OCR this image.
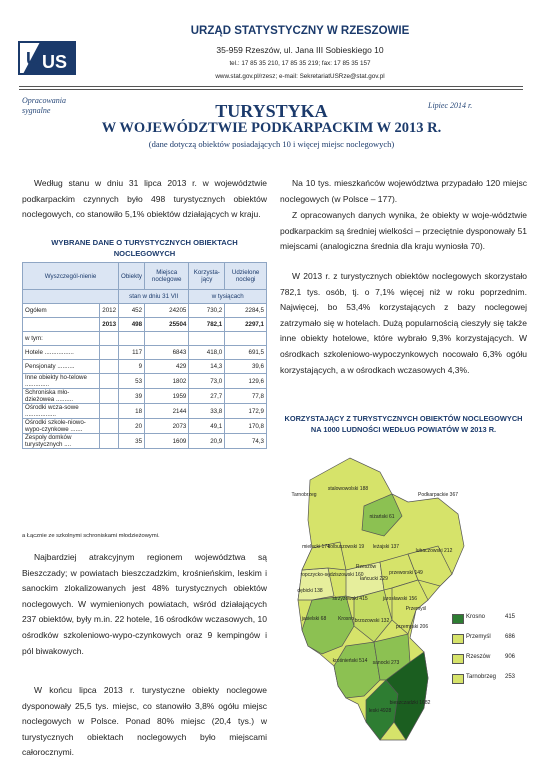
U US
URZĄD STATYSTYCZNY W RZESZOWIE
35-959 Rzeszów, ul. Jana III Sobieskiego 10
tel.: 17 85 35 210, 17 85 35 219; fax: 17 85 35 157
www.stat.gov.pl/rzesz; e-mail: SekretariatUSRze@stat.gov.pl
Opracowania sygnalne
Lipiec 2014 r.
TURYSTYKA
W WOJEWÓDZTWIE PODKARPACKIM W 2013 R.
(dane dotyczą obiektów posiadających 10 i więcej miejsc noclegowych)
Według stanu w dniu 31 lipca 2013 r. w województwie podkarpackim czynnych było 498 turystycznych obiektów noclegowych, co stanowiło 5,1% obiektów działających w kraju.
WYBRANE DANE O TURYSTYCZNYCH OBIEKTACH NOCLEGOWYCH
Wyszczegól-nienie		Obiekty	Miejsca noclegowe	Korzysta-jący	Udzielone noclegi

		stan w dniu 31 VII		w tysiącach	
Ogółem	2012	452	24205	730,2	2284,5
	2013	498	25504	782,1	2297,1
w tym:					
Hotele .................		117	6843	418,0	691,5
Pensjonaty ..........		9	429	14,3	39,6
Inne obiekty ho-telowe ..............		53	1802	73,0	129,6
Schroniska mło-dzieżowea ..........		39	1959	27,7	77,8
Ośrodki wcza-sowe ..................		18	2144	33,8	172,9
Ośrodki szkole-niowo-wypo-czynkowe .......		20	2073	49,1	170,8
Zespoły domków turystycznych ....		35	1609	20,9	74,3
a Łącznie ze szkolnymi schroniskami młodzieżowymi.
Najbardziej atrakcyjnym regionem województwa są Bieszczady; w powiatach bieszczadzkim, krośnieńskim, leskim i sanockim zlokalizowanych jest 48% turystycznych obiektów noclegowych. W wymienionych powiatach, wśród działających 237 obiektów, były m.in. 22 hotele, 16 ośrodków wczasowych, 10 ośrodków szkoleniowo-wypo-czynkowych oraz 9 kempingów i pól biwakowych.
W końcu lipca 2013 r. turystyczne obiekty noclegowe dysponowały 25,5 tys. miejsc, co stanowiło 3,8% ogółu miejsc noclegowych w Polsce. Ponad 80% miejsc (20,4 tys.) w turystycznych obiektach noclegowych było miejscami całorocznymi.
Na 10 tys. mieszkańców województwa przypadało 120 miejsc noclegowych (w Polsce – 177).
Z opracowanych danych wynika, że obiekty w woje-wództwie podkarpackim są średniej wielkości – przeciętnie dysponowały 51 miejscami (analogiczna średnia dla kraju wyniosła 70).
W 2013 r. z turystycznych obiektów noclegowych skorzystało 782,1 tys. osób, tj. o 7,1% więcej niż w roku poprzednim. Najwięcej, bo 53,4% korzystających z bazy noclegowej zatrzymało się w hotelach. Dużą popularnością cieszyły się także inne obiekty hotelowe, które wybrało 9,3% korzystających. W ośrodkach szkoleniowo-wypoczynkowych nocowało 6,3% ogółu korzystających, a w ośrodkach wczasowych 4,3%.
KORZYSTAJĄCY Z TURYSTYCZNYCH OBIEKTÓW NOCLEGOWYCH NA 1000 LUDNOŚCI WEDŁUG POWIATÓW W 2013 R.
Tarnobrzeg
stalowowolski 188
niżański 61
Podkarpackie 367
mielecki 174
kolbuszowski 19 leżajski 137
lubaczowski 212
Rzeszów
ropczycko-sędziszowski 160
łańcucki 229
przeworski 149
dębicki 138
strzyżowski 415	jarosławski 156
jasielski 68 Krosno brzozowski 132
przemyski 206
krośnieński 514 sanocki 273
Przemyśl
leski 4928
bieszczadzki 1682
Krosno	415
Przemyśl 686
Rzeszów 906
Tarnobrzeg 253
